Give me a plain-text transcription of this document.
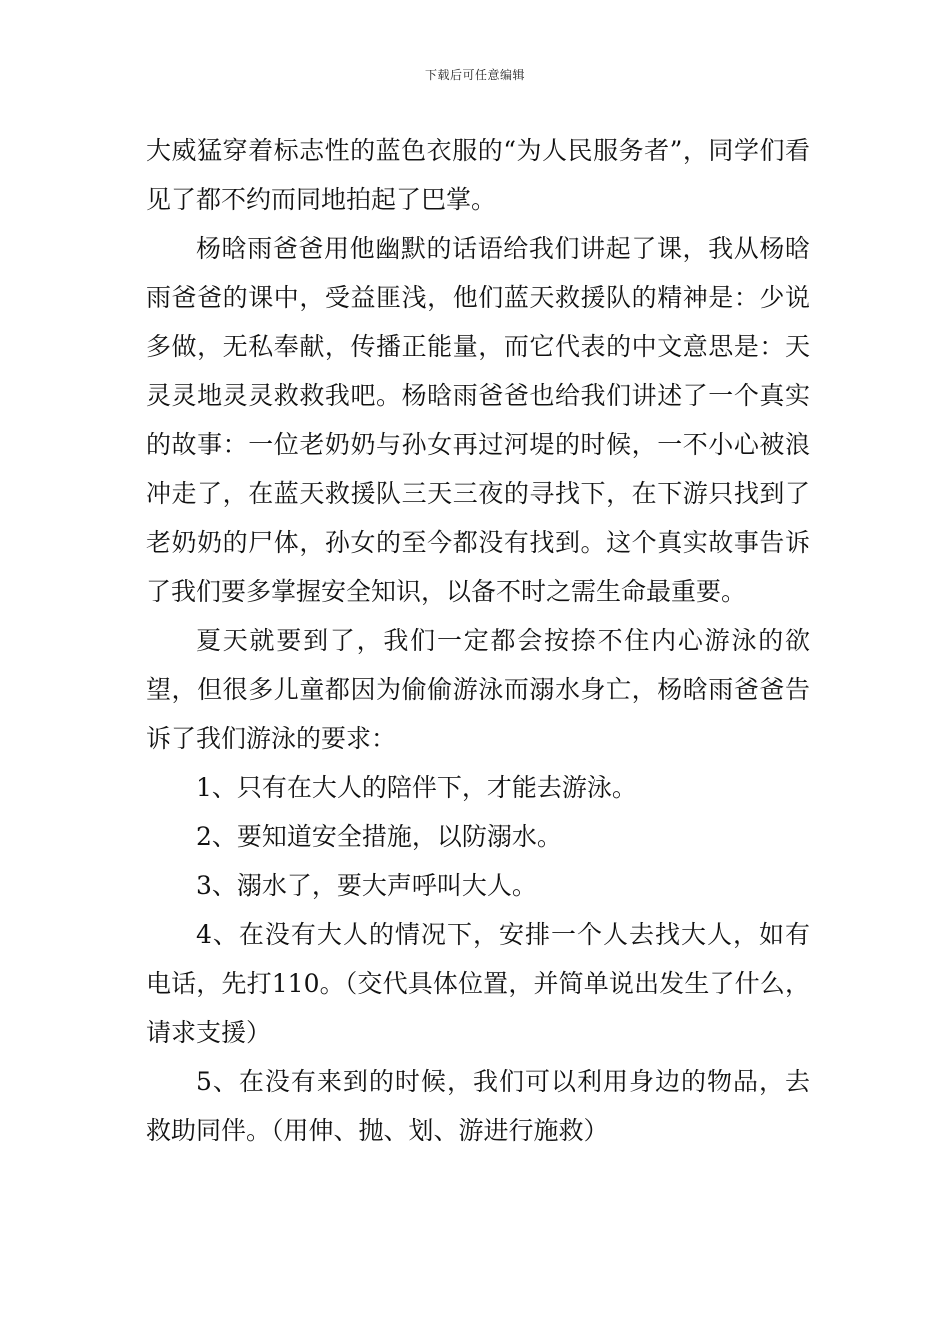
下载后可任意编辑

大威猛穿着标志性的蓝色衣服的“为人民服务者”，同学们看见了都不约而同地拍起了巴掌。

杨晗雨爸爸用他幽默的话语给我们讲起了课，我从杨晗雨爸爸的课中，受益匪浅，他们蓝天救援队的精神是：少说多做，无私奉献，传播正能量，而它代表的中文意思是：天灵灵地灵灵救救我吧。杨晗雨爸爸也给我们讲述了一个真实的故事：一位老奶奶与孙女再过河堤的时候，一不小心被浪冲走了，在蓝天救援队三天三夜的寻找下，在下游只找到了老奶奶的尸体，孙女的至今都没有找到。这个真实故事告诉了我们要多掌握安全知识，以备不时之需生命最重要。

夏天就要到了，我们一定都会按捺不住内心游泳的欲望，但很多儿童都因为偷偷游泳而溺水身亡，杨晗雨爸爸告诉了我们游泳的要求：

1、只有在大人的陪伴下，才能去游泳。

2、要知道安全措施，以防溺水。

3、溺水了，要大声呼叫大人。

4、在没有大人的情况下，安排一个人去找大人，如有电话，先打110。（交代具体位置，并简单说出发生了什么，请求支援）

5、在没有来到的时候，我们可以利用身边的物品，去救助同伴。（用伸、抛、划、游进行施救）
